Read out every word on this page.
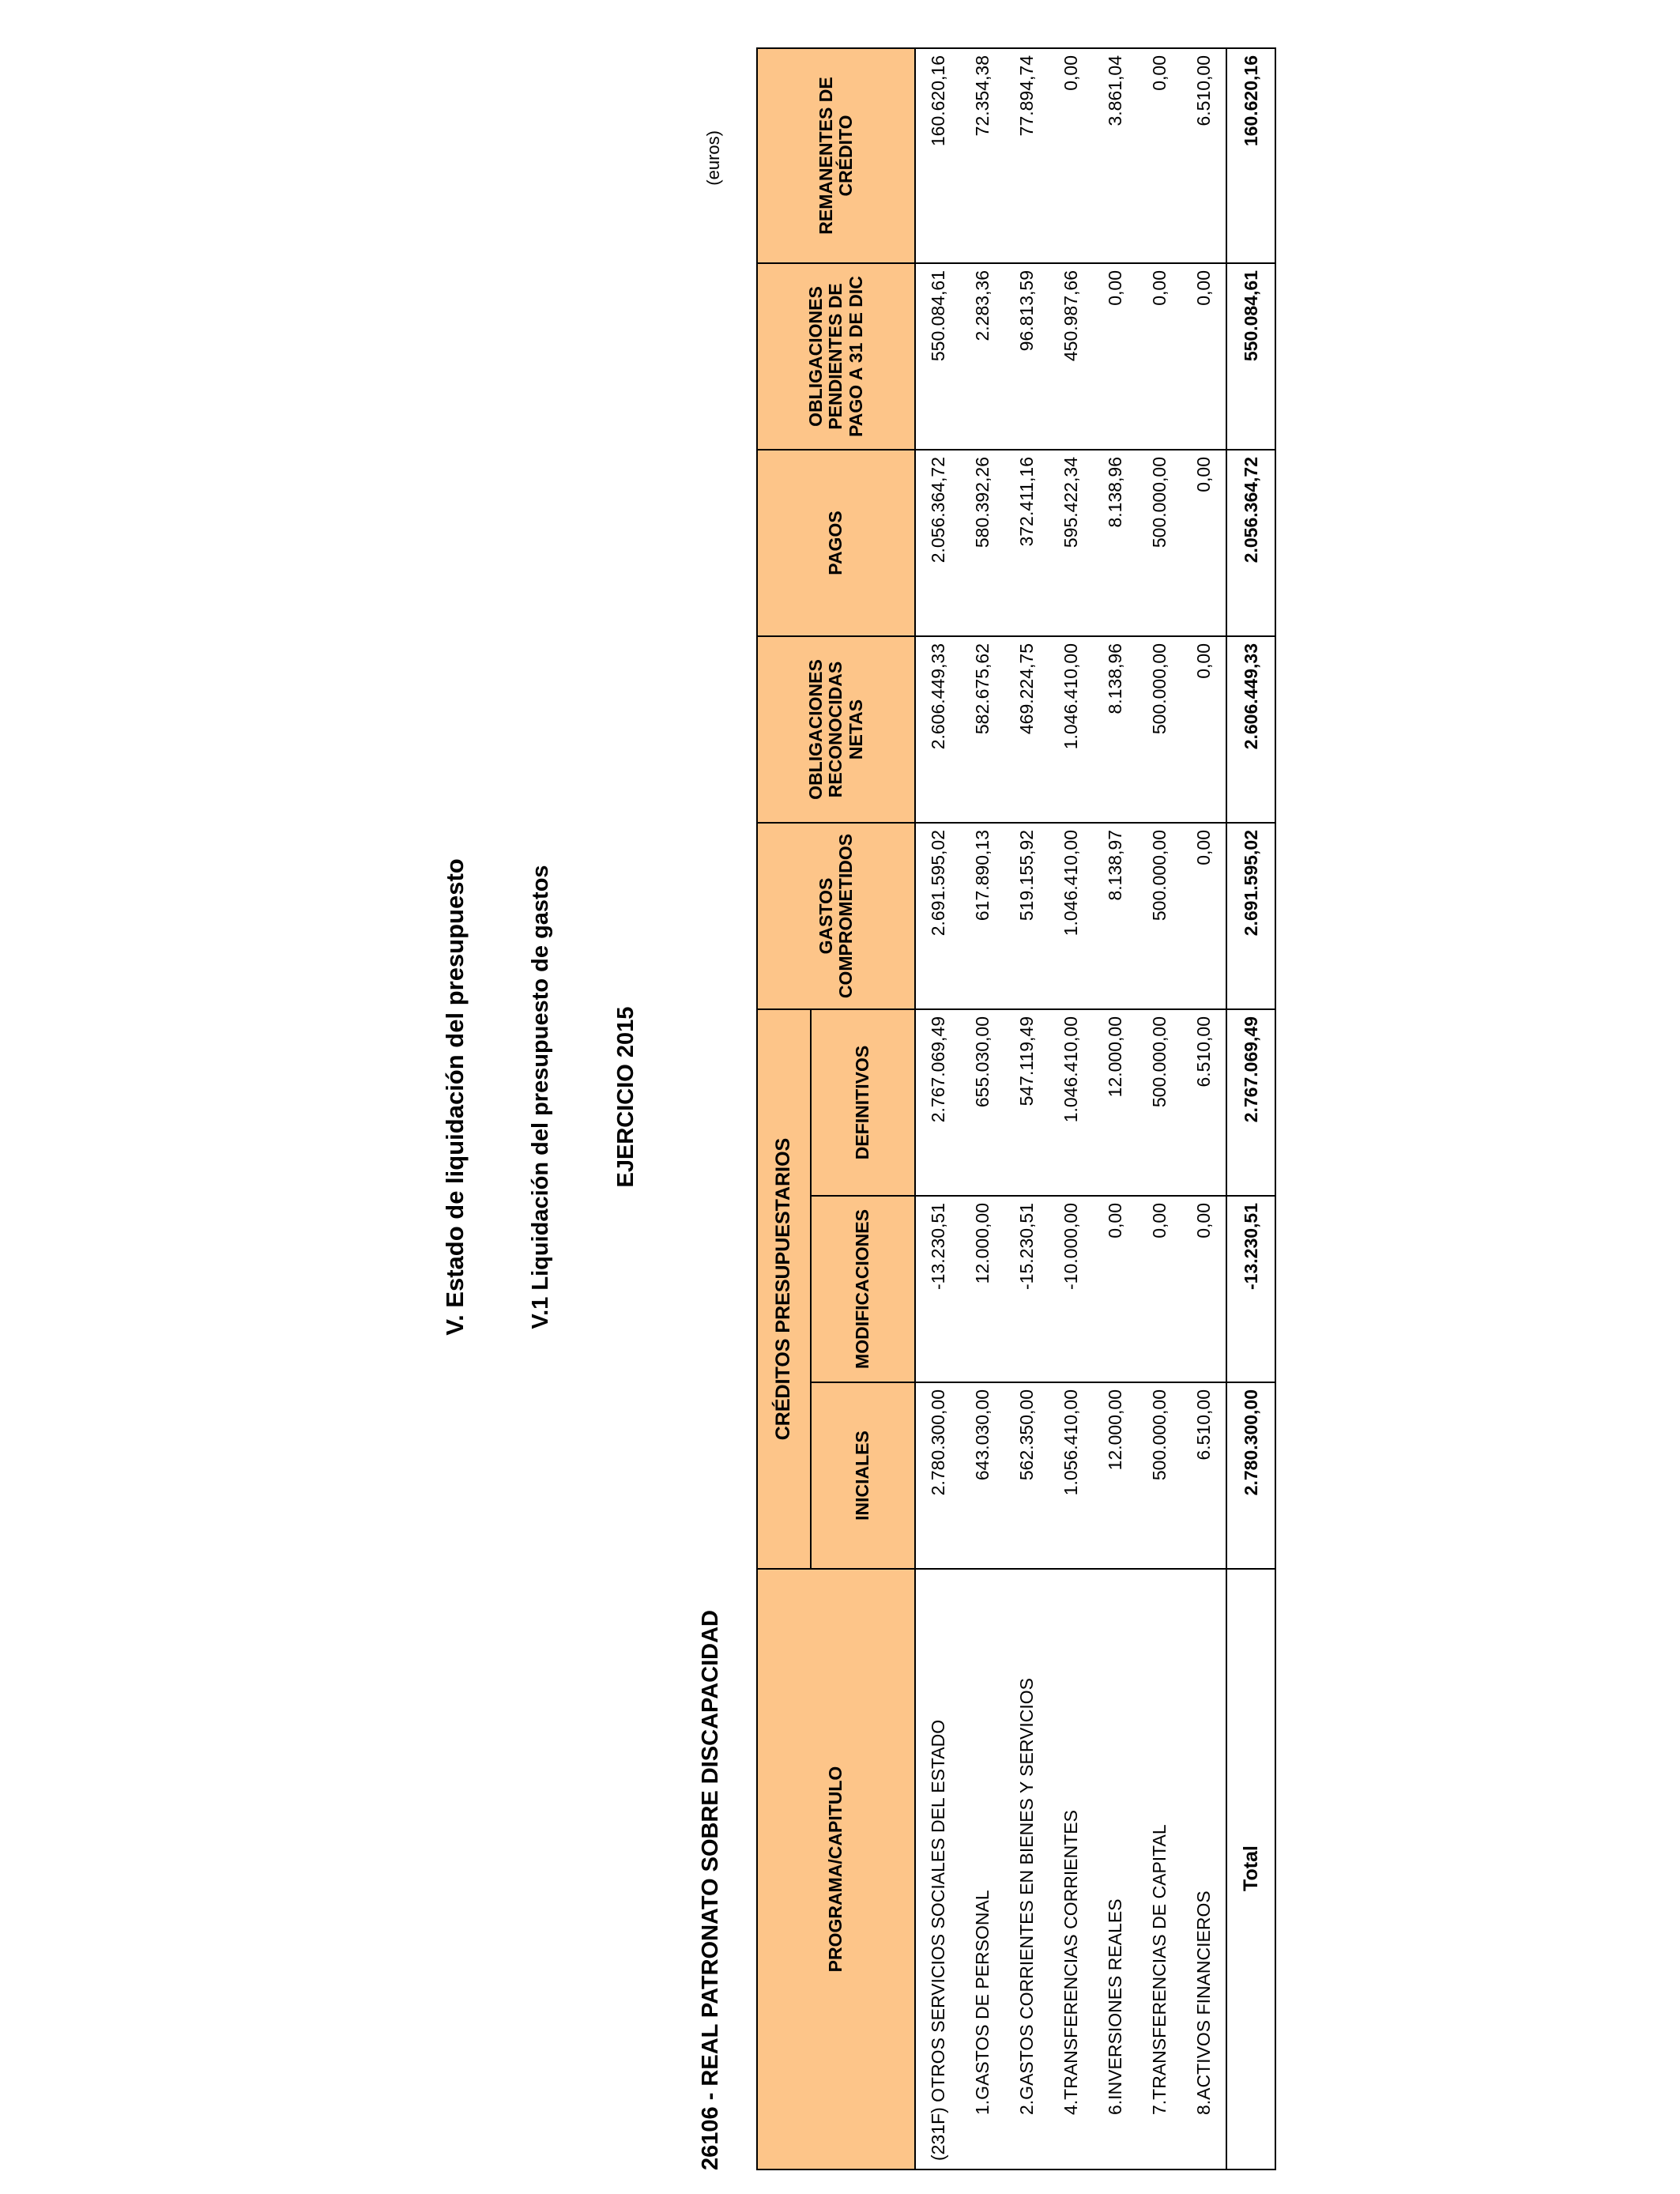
V. Estado de liquidación del presupuesto	V.1 Liquidación del presupuesto de gastos	EJERCICIO 2015
26106 - REAL PATRONATO SOBRE DISCAPACIDAD
(euros)
PROGRAMA/CAPITULO	CRÉDITOS PRESUPUESTARIOS			GASTOS COMPROMETIDOS	OBLIGACIONES RECONOCIDAS NETAS	PAGOS	OBLIGACIONES PENDIENTES DE PAGO A 31 DE DIC	REMANENTES DE CRÉDITO
	INICIALES	MODIFICACIONES	DEFINITIVOS					
(231F) OTROS SERVICIOS SOCIALES DEL ESTADO	2.780.300,00	-13.230,51	2.767.069,49	2.691.595,02	2.606.449,33	2.056.364,72	550.084,61	160.620,16
1.GASTOS DE PERSONAL	643.030,00	12.000,00	655.030,00	617.890,13	582.675,62	580.392,26	2.283,36	72.354,38
2.GASTOS CORRIENTES EN BIENES Y SERVICIOS	562.350,00	-15.230,51	547.119,49	519.155,92	469.224,75	372.411,16	96.813,59	77.894,74
4.TRANSFERENCIAS CORRIENTES	1.056.410,00	-10.000,00	1.046.410,00	1.046.410,00	1.046.410,00	595.422,34	450.987,66	0,00
6.INVERSIONES REALES	12.000,00	0,00	12.000,00	8.138,97	8.138,96	8.138,96	0,00	3.861,04
7.TRANSFERENCIAS DE CAPITAL	500.000,00	0,00	500.000,00	500.000,00	500.000,00	500.000,00	0,00	0,00
8.ACTIVOS FINANCIEROS	6.510,00	0,00	6.510,00	0,00	0,00	0,00	0,00	6.510,00
Total	2.780.300,00	-13.230,51	2.767.069,49	2.691.595,02	2.606.449,33	2.056.364,72	550.084,61	160.620,16
